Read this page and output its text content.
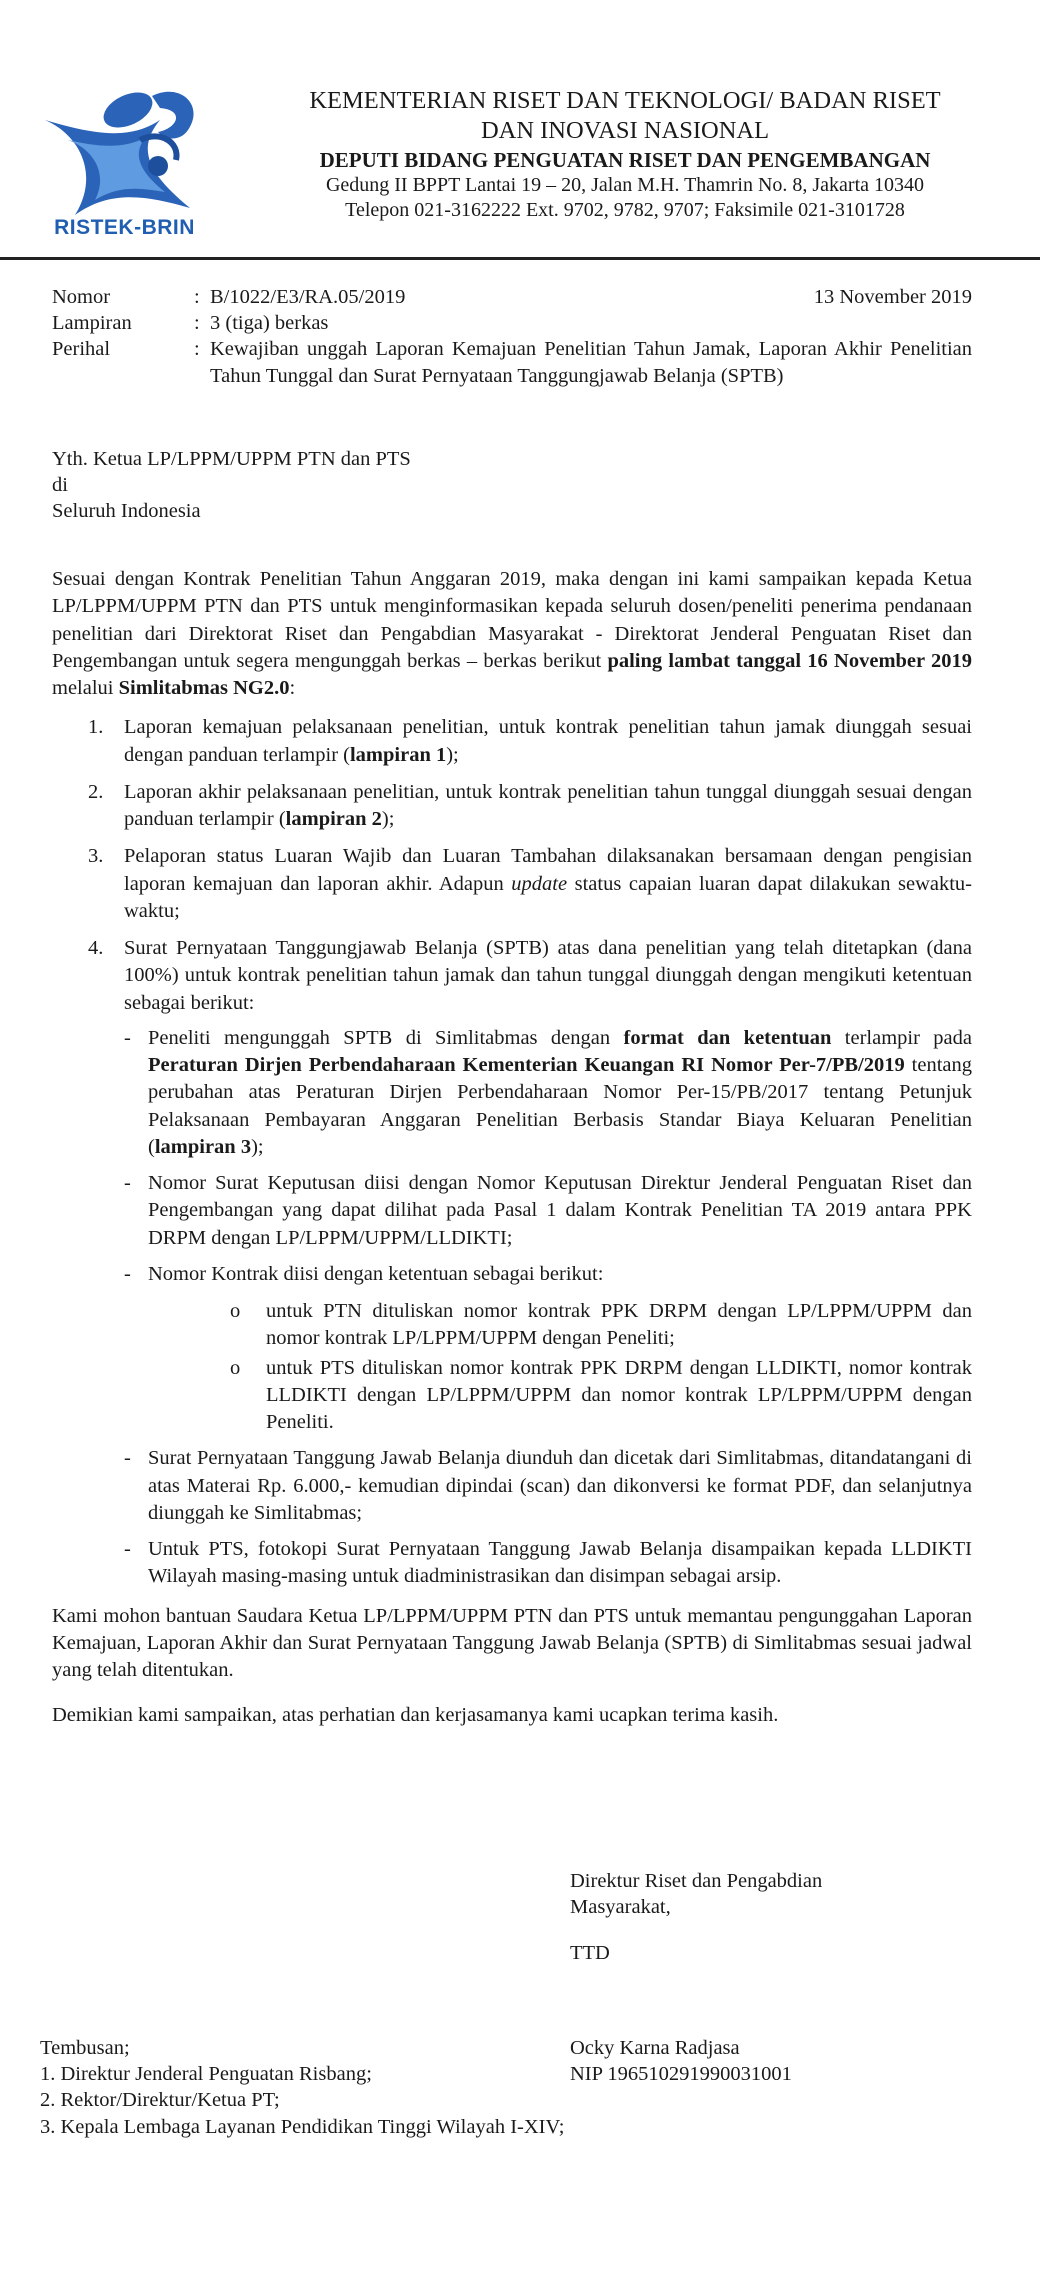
RISTEK-BRIN
KEMENTERIAN RISET DAN TEKNOLOGI/ BADAN RISET
DAN INOVASI NASIONAL
DEPUTI BIDANG PENGUATAN RISET DAN PENGEMBANGAN
Gedung II BPPT Lantai 19 – 20, Jalan M.H. Thamrin No. 8, Jakarta 10340
Telepon 021-3162222 Ext. 9702, 9782, 9707; Faksimile 021-3101728
Nomor	: B/1022/E3/RA.05/2019	13 November 2019
Lampiran	: 3 (tiga) berkas
Perihal	: Kewajiban unggah Laporan Kemajuan Penelitian Tahun Jamak, Laporan Akhir Penelitian Tahun Tunggal dan Surat Pernyataan Tanggungjawab Belanja (SPTB)
Yth. Ketua LP/LPPM/UPPM PTN dan PTS
di
Seluruh Indonesia

Sesuai dengan Kontrak Penelitian Tahun Anggaran 2019, maka dengan ini kami sampaikan kepada Ketua LP/LPPM/UPPM PTN dan PTS untuk menginformasikan kepada seluruh dosen/peneliti penerima pendanaan penelitian dari Direktorat Riset dan Pengabdian Masyarakat - Direktorat Jenderal Penguatan Riset dan Pengembangan untuk segera mengunggah berkas – berkas berikut paling lambat tanggal 16 November 2019 melalui Simlitabmas NG2.0:

1. Laporan kemajuan pelaksanaan penelitian, untuk kontrak penelitian tahun jamak diunggah sesuai dengan panduan terlampir (lampiran 1);
2. Laporan akhir pelaksanaan penelitian, untuk kontrak penelitian tahun tunggal diunggah sesuai dengan panduan terlampir (lampiran 2);
3. Pelaporan status Luaran Wajib dan Luaran Tambahan dilaksanakan bersamaan dengan pengisian laporan kemajuan dan laporan akhir. Adapun update status capaian luaran dapat dilakukan sewaktu-waktu;
4. Surat Pernyataan Tanggungjawab Belanja (SPTB) atas dana penelitian yang telah ditetapkan (dana 100%) untuk kontrak penelitian tahun jamak dan tahun tunggal diunggah dengan mengikuti ketentuan sebagai berikut:
- Peneliti mengunggah SPTB di Simlitabmas dengan format dan ketentuan terlampir pada Peraturan Dirjen Perbendaharaan Kementerian Keuangan RI Nomor Per-7/PB/2019 tentang perubahan atas Peraturan Dirjen Perbendaharaan Nomor Per-15/PB/2017 tentang Petunjuk Pelaksanaan Pembayaran Anggaran Penelitian Berbasis Standar Biaya Keluaran Penelitian (lampiran 3);
- Nomor Surat Keputusan diisi dengan Nomor Keputusan Direktur Jenderal Penguatan Riset dan Pengembangan yang dapat dilihat pada Pasal 1 dalam Kontrak Penelitian TA 2019 antara PPK DRPM dengan LP/LPPM/UPPM/LLDIKTI;
- Nomor Kontrak diisi dengan ketentuan sebagai berikut:
o untuk PTN dituliskan nomor kontrak PPK DRPM dengan LP/LPPM/UPPM dan nomor kontrak LP/LPPM/UPPM dengan Peneliti;
o untuk PTS dituliskan nomor kontrak PPK DRPM dengan LLDIKTI, nomor kontrak LLDIKTI dengan LP/LPPM/UPPM dan nomor kontrak LP/LPPM/UPPM dengan Peneliti.
- Surat Pernyataan Tanggung Jawab Belanja diunduh dan dicetak dari Simlitabmas, ditandatangani di atas Materai Rp. 6.000,- kemudian dipindai (scan) dan dikonversi ke format PDF, dan selanjutnya diunggah ke Simlitabmas;
- Untuk PTS, fotokopi Surat Pernyataan Tanggung Jawab Belanja disampaikan kepada LLDIKTI Wilayah masing-masing untuk diadministrasikan dan disimpan sebagai arsip.

Kami mohon bantuan Saudara Ketua LP/LPPM/UPPM PTN dan PTS untuk memantau pengunggahan Laporan Kemajuan, Laporan Akhir dan Surat Pernyataan Tanggung Jawab Belanja (SPTB) di Simlitabmas sesuai jadwal yang telah ditentukan.

Demikian kami sampaikan, atas perhatian dan kerjasamanya kami ucapkan terima kasih.

Direktur Riset dan Pengabdian
Masyarakat,
TTD
Ocky Karna Radjasa
NIP 196510291990031001
Tembusan;
1. Direktur Jenderal Penguatan Risbang;
2. Rektor/Direktur/Ketua PT;
3. Kepala Lembaga Layanan Pendidikan Tinggi Wilayah I-XIV;
